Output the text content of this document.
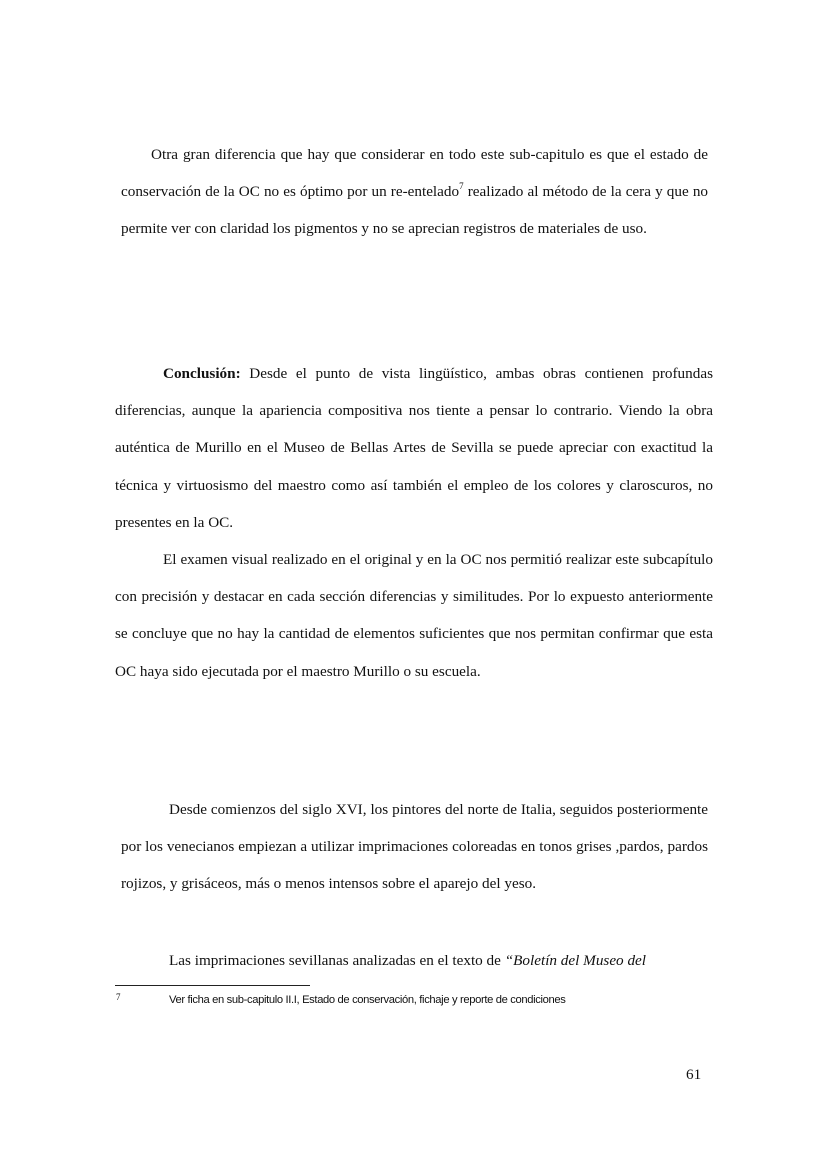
Otra gran diferencia que hay que considerar en todo este sub-capitulo es que el estado de conservación de la OC no es óptimo por un re-entelado$^7$ realizado al método de la cera y que no permite ver con claridad los pigmentos y no se aprecian registros de materiales de uso.

Conclusión: Desde el punto de vista lingüístico, ambas obras contienen profundas diferencias, aunque la apariencia compositiva nos tiente a pensar lo contrario. Viendo la obra auténtica de Murillo en el Museo de Bellas Artes de Sevilla se puede apreciar con exactitud la técnica y virtuosismo del maestro como así también el empleo de los colores y claroscuros, no presentes en la OC.

El examen visual realizado en el original y en la OC nos permitió realizar este subcapítulo con precisión y destacar en cada sección diferencias y similitudes. Por lo expuesto anteriormente se concluye que no hay la cantidad de elementos suficientes que nos permitan confirmar que esta OC haya sido ejecutada por el maestro Murillo o su escuela.

Desde comienzos del siglo XVI, los pintores del norte de Italia, seguidos posteriormente por los venecianos empiezan a utilizar imprimaciones coloreadas en tonos grises ,pardos, pardos rojizos, y grisáceos, más o menos intensos sobre el aparejo del yeso.

Las imprimaciones sevillanas analizadas en el texto de “Boletín del Museo del

7	Ver ficha en sub-capitulo II.I, Estado de conservación, fichaje y reporte de condiciones
61
